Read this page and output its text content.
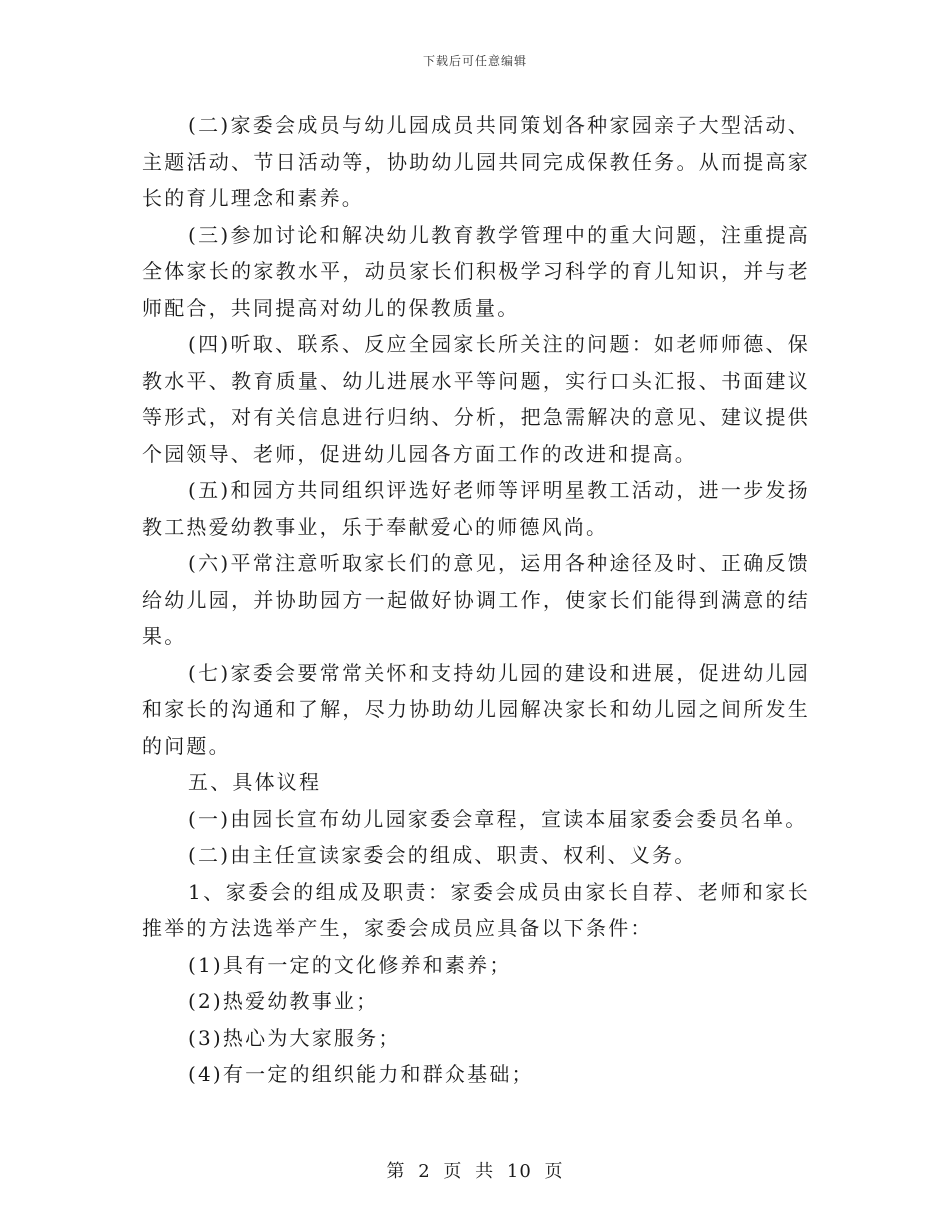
下载后可任意编辑

(二)家委会成员与幼儿园成员共同策划各种家园亲子大型活动、主题活动、节日活动等，协助幼儿园共同完成保教任务。从而提高家长的育儿理念和素养。

(三)参加讨论和解决幼儿教育教学管理中的重大问题，注重提高全体家长的家教水平，动员家长们积极学习科学的育儿知识，并与老师配合，共同提高对幼儿的保教质量。

(四)听取、联系、反应全园家长所关注的问题：如老师师德、保教水平、教育质量、幼儿进展水平等问题，实行口头汇报、书面建议等形式，对有关信息进行归纳、分析，把急需解决的意见、建议提供个园领导、老师，促进幼儿园各方面工作的改进和提高。

(五)和园方共同组织评选好老师等评明星教工活动，进一步发扬教工热爱幼教事业，乐于奉献爱心的师德风尚。

(六)平常注意听取家长们的意见，运用各种途径及时、正确反馈给幼儿园，并协助园方一起做好协调工作，使家长们能得到满意的结果。

(七)家委会要常常关怀和支持幼儿园的建设和进展，促进幼儿园和家长的沟通和了解，尽力协助幼儿园解决家长和幼儿园之间所发生的问题。

五、具体议程

(一)由园长宣布幼儿园家委会章程，宣读本届家委会委员名单。

(二)由主任宣读家委会的组成、职责、权利、义务。

1、家委会的组成及职责：家委会成员由家长自荐、老师和家长推举的方法选举产生，家委会成员应具备以下条件：

(1)具有一定的文化修养和素养；

(2)热爱幼教事业；

(3)热心为大家服务；

(4)有一定的组织能力和群众基础；

第 2 页 共 10 页
